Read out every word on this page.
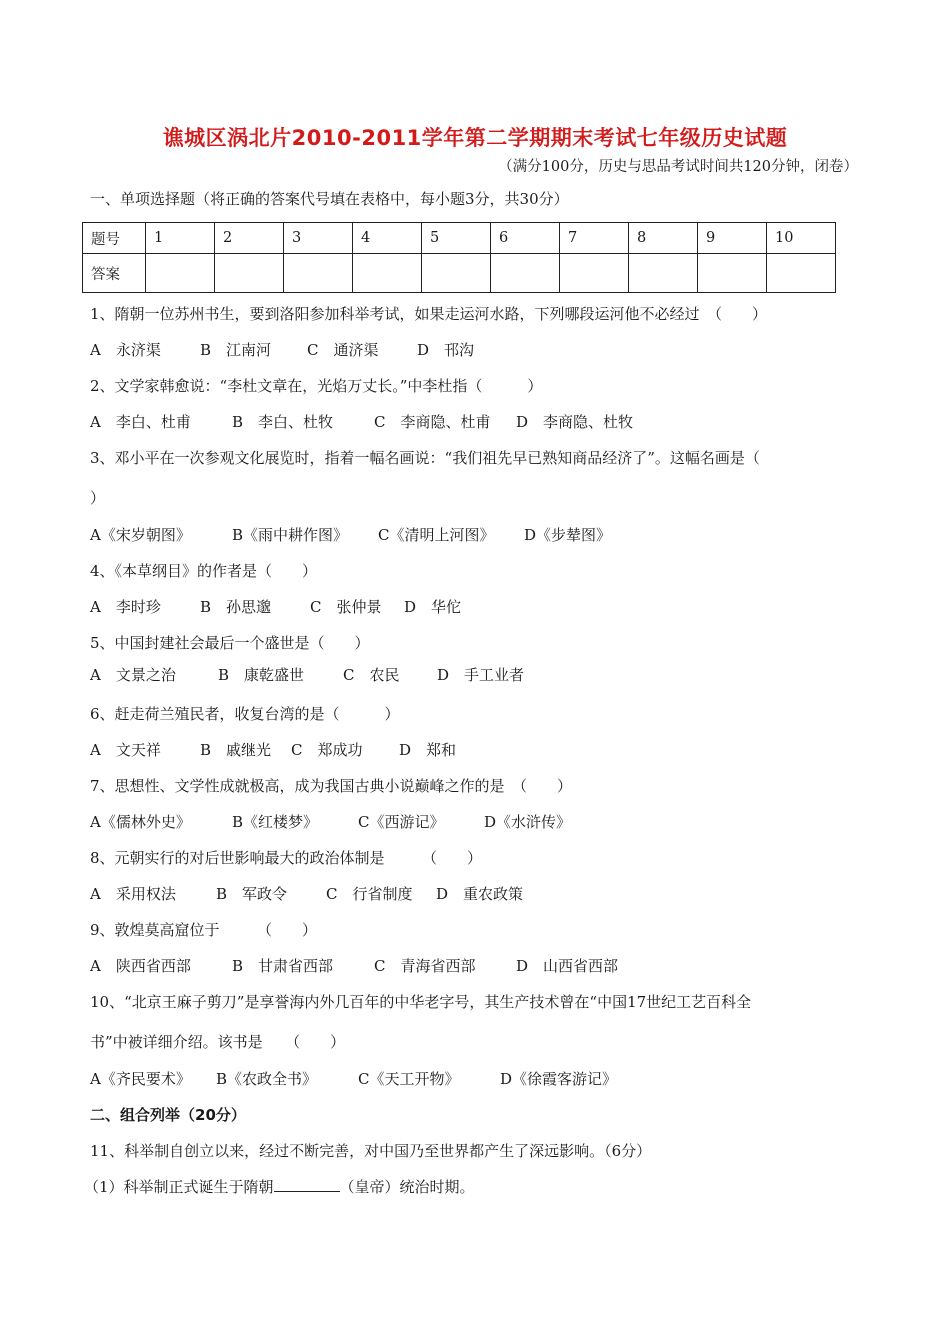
谯城区涡北片2010-2011学年第二学期期末考试七年级历史试题
（满分100分，历史与思品考试时间共120分钟，闭卷）
一、单项选择题（将正确的答案代号填在表格中，每小题3分，共30分）
题号	1	2	3	4	5	6	7	8	9	10
答案										
1、隋朝一位苏州书生，要到洛阳参加科举考试，如果走运河水路，下列哪段运河他不必经过　（　　）
A　永济渠	B　江南河 C　通济渠	D　邗沟
2、文学家韩愈说：“李杜文章在，光焰万丈长。”中李杜指（　　　）
A　李白、杜甫	B　李白、杜牧	C　李商隐、杜甫 D　李商隐、杜牧
3、邓小平在一次参观文化展览时，指着一幅名画说：“我们祖先早已熟知商品经济了”。这幅名画是（
）
A《宋岁朝图》	B《雨中耕作图》 C《清明上河图》 D《步辇图》
4、《本草纲目》的作者是（　　）
A　李时珍	B　孙思邈	C　张仲景 D　华佗
5、中国封建社会最后一个盛世是（　　）
A　文景之治	B　康乾盛世	C　农民	D　手工业者
6、赶走荷兰殖民者，收复台湾的是（　　　）
A　文天祥	B　戚继光 C　郑成功 D　郑和
7、思想性、文学性成就极高，成为我国古典小说巅峰之作的是　（　　）
A《儒林外史》	B《红楼梦》	C《西游记》	D《水浒传》
8、元朝实行的对后世影响最大的政治体制是　　　（　　）
A　采用权法	B　军政令	C　行省制度 D　重农政策
9、敦煌莫高窟位于　　　（　　）
A　陕西省西部	B　甘肃省西部	C　青海省西部	D　山西省西部
10、“北京王麻子剪刀”是享誉海内外几百年的中华老字号，其生产技术曾在“中国17世纪工艺百科全
书”中被详细介绍。该书是　　（　　）
A《齐民要术》 B《农政全书》	C《天工开物》	D《徐霞客游记》
二、组合列举（20分）
11、科举制自创立以来，经过不断完善，对中国乃至世界都产生了深远影响。（6分）
（1）科举制正式诞生于隋朝	（皇帝）统治时期。
